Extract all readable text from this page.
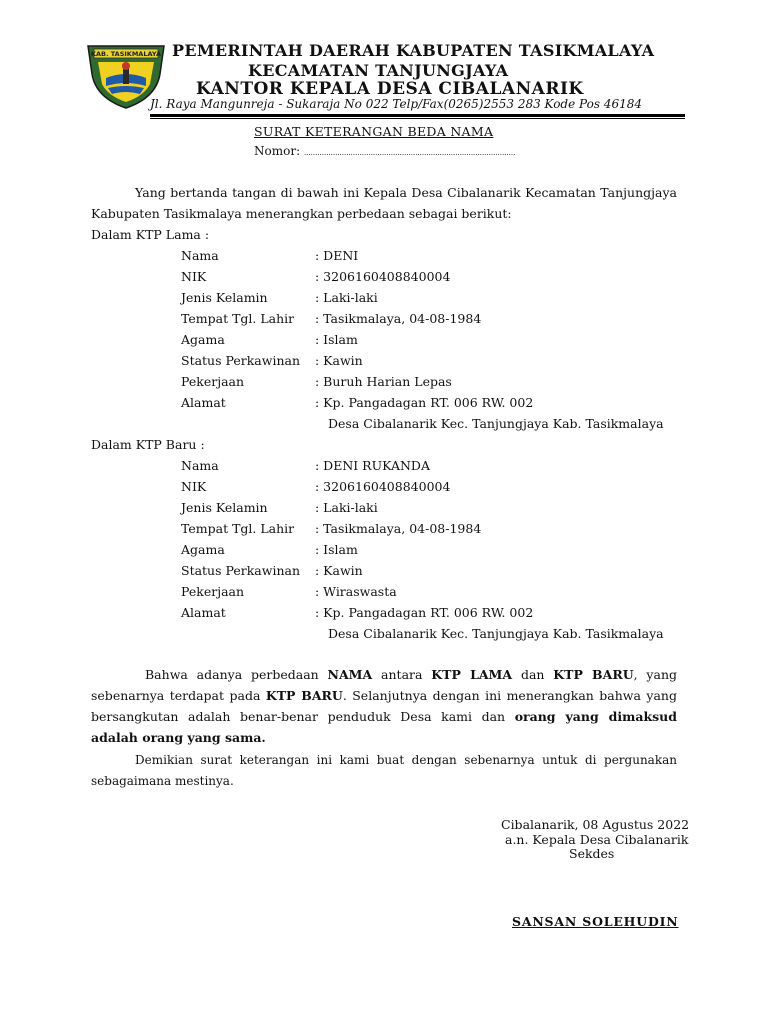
KAB. TASIKMALAYA PEMERINTAH DAERAH KABUPATEN TASIKMALAYA
KECAMATAN TANJUNGJAYA
KANTOR KEPALA DESA CIBALANARIK
Jl. Raya Mangunreja - Sukaraja No 022 Telp/Fax(0265)2553 283 Kode Pos 46184
SURAT KETERANGAN BEDA NAMA
Nomor: ...............................................................................................
Yang bertanda tangan di bawah ini Kepala Desa Cibalanarik Kecamatan Tanjungjaya Kabupaten Tasikmalaya menerangkan perbedaan sebagai berikut:
Dalam KTP Lama :
Nama	: DENI
NIK	: 3206160408840004
Jenis Kelamin	: Laki-laki
Tempat Tgl. Lahir : Tasikmalaya, 04-08-1984
Agama	: Islam
Status Perkawinan : Kawin
Pekerjaan	: Buruh Harian Lepas
Alamat	: Kp. Pangadagan RT. 006 RW. 002
Desa Cibalanarik Kec. Tanjungjaya Kab. Tasikmalaya
Dalam KTP Baru :
Nama	: DENI RUKANDA
NIK	: 3206160408840004
Jenis Kelamin	: Laki-laki
Tempat Tgl. Lahir : Tasikmalaya, 04-08-1984
Agama	: Islam
Status Perkawinan : Kawin
Pekerjaan	: Wiraswasta
Alamat	: Kp. Pangadagan RT. 006 RW. 002
Desa Cibalanarik Kec. Tanjungjaya Kab. Tasikmalaya
Bahwa adanya perbedaan NAMA antara KTP LAMA dan KTP BARU, yang sebenarnya terdapat pada KTP BARU. Selanjutnya dengan ini menerangkan bahwa yang bersangkutan adalah benar-benar penduduk Desa kami dan orang yang dimaksud adalah orang yang sama.
Demikian surat keterangan ini kami buat dengan sebenarnya untuk di pergunakan sebagaimana mestinya.
Cibalanarik, 08 Agustus 2022
a.n. Kepala Desa Cibalanarik
Sekdes
SANSAN SOLEHUDIN
